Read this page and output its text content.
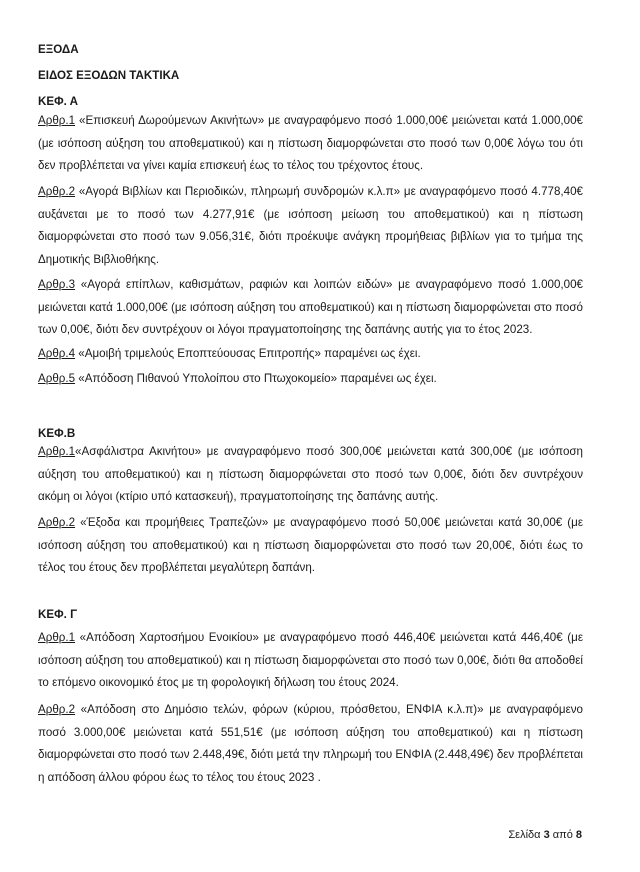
ΕΞΟΔΑ
ΕΙΔΟΣ ΕΞΟΔΩΝ ΤΑΚΤΙΚΑ
ΚΕΦ. Α

Αρθρ.1 «Επισκευή Δωρούμενων Ακινήτων» με αναγραφόμενο ποσό 1.000,00€ μειώνεται κατά 1.000,00€ (με ισόποση αύξηση του αποθεματικού) και η πίστωση διαμορφώνεται στο ποσό των 0,00€ λόγω του ότι δεν προβλέπεται να γίνει καμία επισκευή έως το τέλος του τρέχοντος έτους.

Αρθρ.2 «Αγορά Βιβλίων και Περιοδικών, πληρωμή συνδρομών κ.λ.π» με αναγραφόμενο ποσό 4.778,40€ αυξάνεται με το ποσό των 4.277,91€ (με ισόποση μείωση του αποθεματικού) και η πίστωση διαμορφώνεται στο ποσό των 9.056,31€, διότι προέκυψε ανάγκη προμήθειας βιβλίων για το τμήμα της Δημοτικής Βιβλιοθήκης.

Αρθρ.3 «Αγορά επίπλων, καθισμάτων, ραφιών και λοιπών ειδών» με αναγραφόμενο ποσό 1.000,00€ μειώνεται κατά 1.000,00€ (με ισόποση αύξηση του αποθεματικού) και η πίστωση διαμορφώνεται στο ποσό των 0,00€, διότι δεν συντρέχουν οι λόγοι πραγματοποίησης της δαπάνης αυτής για το έτος 2023.

Αρθρ.4 «Αμοιβή τριμελούς Εποπτεύουσας Επιτροπής» παραμένει ως έχει.

Αρθρ.5 «Απόδοση Πιθανού Υπολοίπου στο Πτωχοκομείο» παραμένει ως έχει.

ΚΕΦ.Β

Αρθρ.1«Ασφάλιστρα Ακινήτου» με αναγραφόμενο ποσό 300,00€ μειώνεται κατά 300,00€ (με ισόποση αύξηση του αποθεματικού) και η πίστωση διαμορφώνεται στο ποσό των 0,00€, διότι δεν συντρέχουν ακόμη οι λόγοι (κτίριο υπό κατασκευή), πραγματοποίησης της δαπάνης αυτής.

Αρθρ.2 «Έξοδα και προμήθειες Τραπεζών» με αναγραφόμενο ποσό 50,00€ μειώνεται κατά 30,00€ (με ισόποση αύξηση του αποθεματικού) και η πίστωση διαμορφώνεται στο ποσό των 20,00€, διότι έως το τέλος του έτους δεν προβλέπεται μεγαλύτερη δαπάνη.

ΚΕΦ. Γ

Αρθρ.1 «Απόδοση Χαρτοσήμου Ενοικίου» με αναγραφόμενο ποσό 446,40€ μειώνεται κατά 446,40€ (με ισόποση αύξηση του αποθεματικού) και η πίστωση διαμορφώνεται στο ποσό των 0,00€, διότι θα αποδοθεί το επόμενο οικονομικό έτος με τη φορολογική δήλωση του έτους 2024.

Αρθρ.2 «Απόδοση στο Δημόσιο τελών, φόρων (κύριου, πρόσθετου, ΕΝΦΙΑ κ.λ.π)» με αναγραφόμενο ποσό 3.000,00€ μειώνεται κατά 551,51€ (με ισόποση αύξηση του αποθεματικού) και η πίστωση διαμορφώνεται στο ποσό των 2.448,49€, διότι μετά την πληρωμή του ΕΝΦΙΑ (2.448,49€) δεν προβλέπεται η απόδοση άλλου φόρου έως το τέλος του έτους 2023 .

Σελίδα 3 από 8
